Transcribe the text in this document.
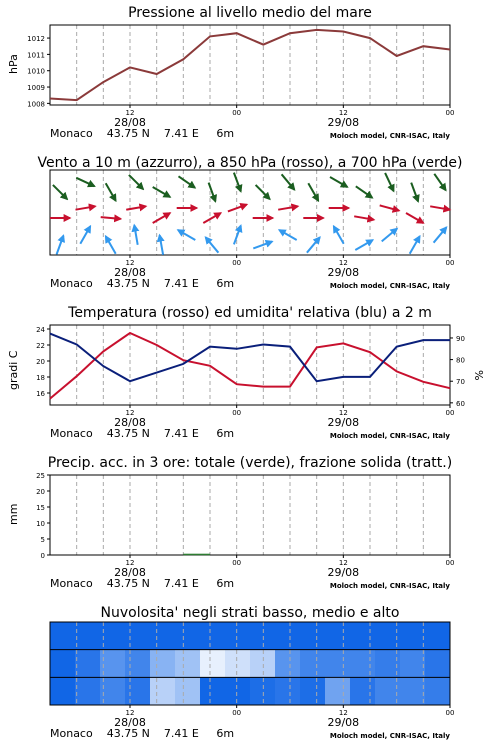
Pressione al livello medio del mare
hPa
1012
1011
1010
1009
1008
12	00	12	00
28/08	29/08
Monaco    43.75 N    7.41 E     6m	Moloch model, CNR-ISAC, Italy
Vento a 10 m (azzurro), a 850 hPa (rosso), a 700 hPa (verde)
12	00	12	00
28/08	29/08
Monaco    43.75 N    7.41 E     6m	Moloch model, CNR-ISAC, Italy
Temperatura (rosso) ed umidita' relativa (blu) a 2 m
gradi C	%
24
22
20
18
16
90
80
70
60
12	00	12	00
28/08	29/08
Monaco    43.75 N    7.41 E     6m	Moloch model, CNR-ISAC, Italy
Precip. acc. in 3 ore: totale (verde), frazione solida (tratt.)
mm
25
20
15
10
5
0
12	00	12	00
28/08	29/08
Monaco    43.75 N    7.41 E     6m	Moloch model, CNR-ISAC, Italy
Nuvolosita' negli strati basso, medio e alto
12	00	12	00
28/08	29/08
Monaco    43.75 N    7.41 E     6m	Moloch model, CNR-ISAC, Italy
